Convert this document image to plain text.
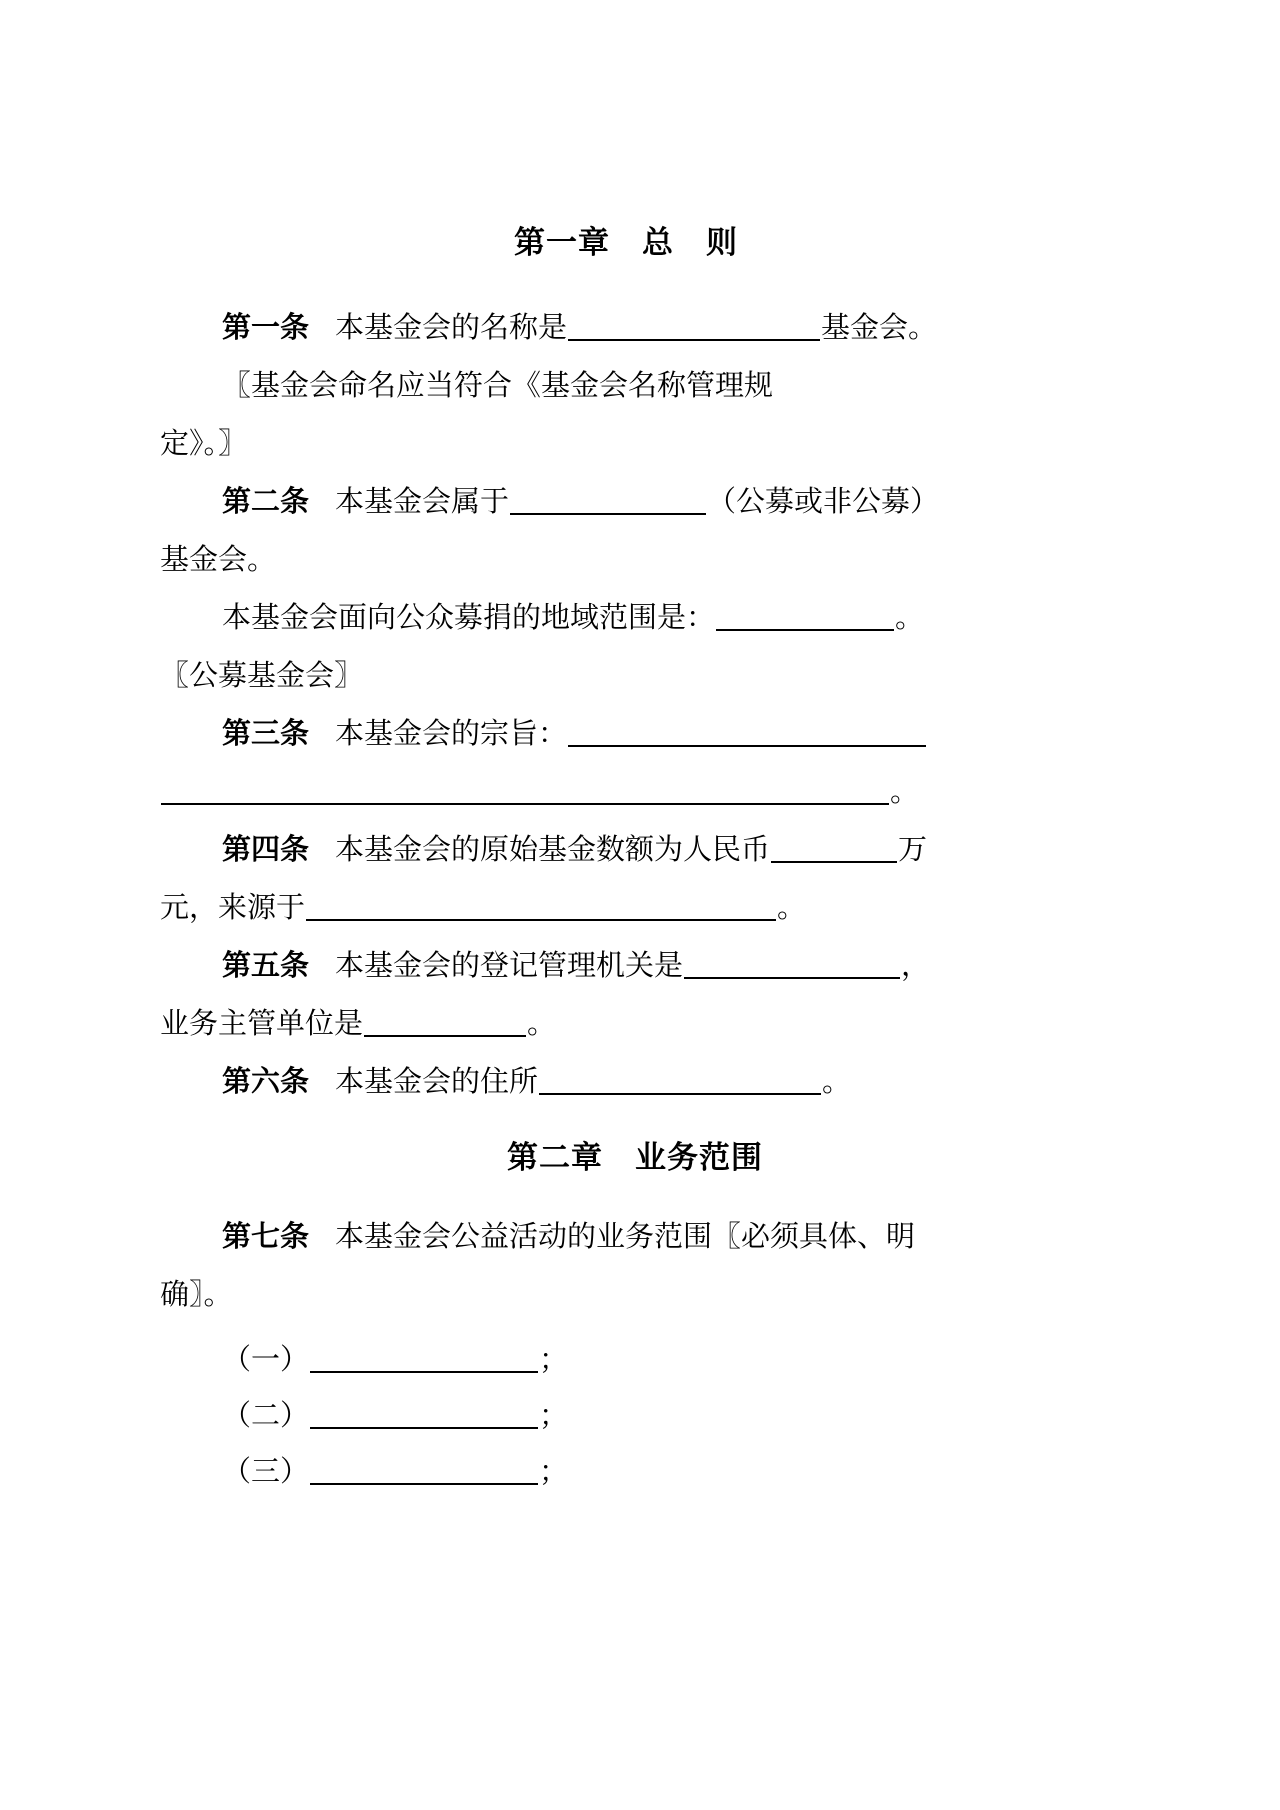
第一章　总　则

第一条 本基金会的名称是	基金会。

〖基金会命名应当符合《基金会名称管理规

定》。〗

第二条 本基金会属于	（公募或非公募）

基金会。

本基金会面向公众募捐的地域范围是：	。

〖公募基金会〗

第三条 本基金会的宗旨：

。

第四条 本基金会的原始基金数额为人民币	万

元，来源于	。

第五条 本基金会的登记管理机关是	，

业务主管单位是	。

第六条 本基金会的住所	。

第二章　业务范围

第七条 本基金会公益活动的业务范围〖必须具体、明

确〗。

（一）	；

（二）	；

（三）	；
